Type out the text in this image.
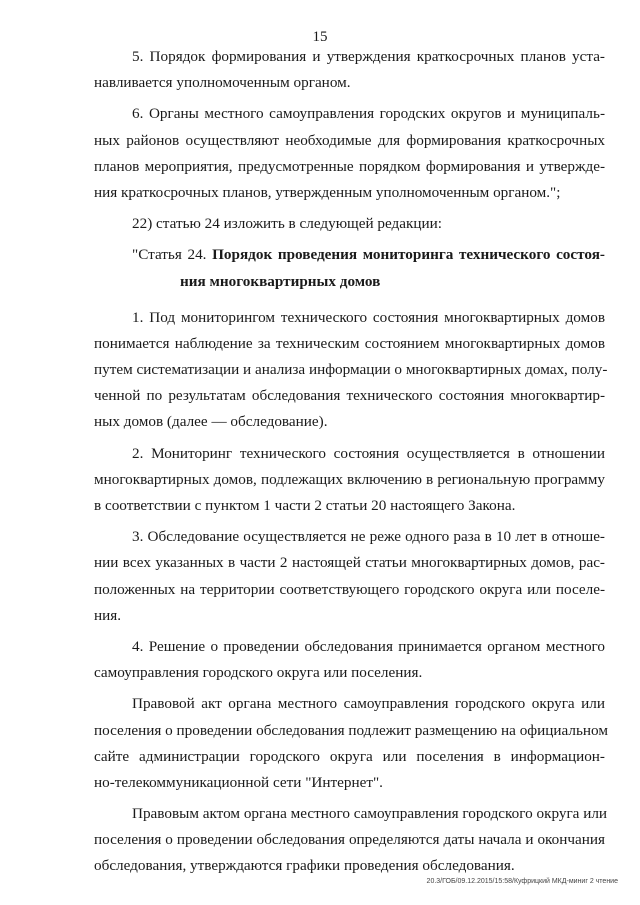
15
5. Порядок формирования и утверждения краткосрочных планов уста-
навливается уполномоченным органом.
6. Органы местного самоуправления городских округов и муниципаль-
ных районов осуществляют необходимые для формирования краткосрочных
планов мероприятия, предусмотренные порядком формирования и утвержде-
ния краткосрочных планов, утвержденным уполномоченным органом.";
22) статью 24 изложить в следующей редакции:
"Статья 24. Порядок проведения мониторинга технического состоя-
ния многоквартирных домов
1. Под мониторингом технического состояния многоквартирных домов
понимается наблюдение за техническим состоянием многоквартирных домов
путем систематизации и анализа информации о многоквартирных домах, полу-
ченной по результатам обследования технического состояния многоквартир-
ных домов (далее — обследование).
2. Мониторинг технического состояния осуществляется в отношении
многоквартирных домов, подлежащих включению в региональную программу
в соответствии с пунктом 1 части 2 статьи 20 настоящего Закона.
3. Обследование осуществляется не реже одного раза в 10 лет в отноше-
нии всех указанных в части 2 настоящей статьи многоквартирных домов, рас-
положенных на территории соответствующего городского округа или поселе-
ния.
4. Решение о проведении обследования принимается органом местного
самоуправления городского округа или поселения.
Правовой акт органа местного самоуправления городского округа или
поселения о проведении обследования подлежит размещению на официальном
сайте администрации городского округа или поселения в информацион-
но-телекоммуникационной сети "Интернет".
Правовым актом органа местного самоуправления городского округа или
поселения о проведении обследования определяются даты начала и окончания
обследования, утверждаются графики проведения обследования.
20.3/ГОБ/09.12.2015/15:58/Куфрицкий МКД-миниг 2 чтение
